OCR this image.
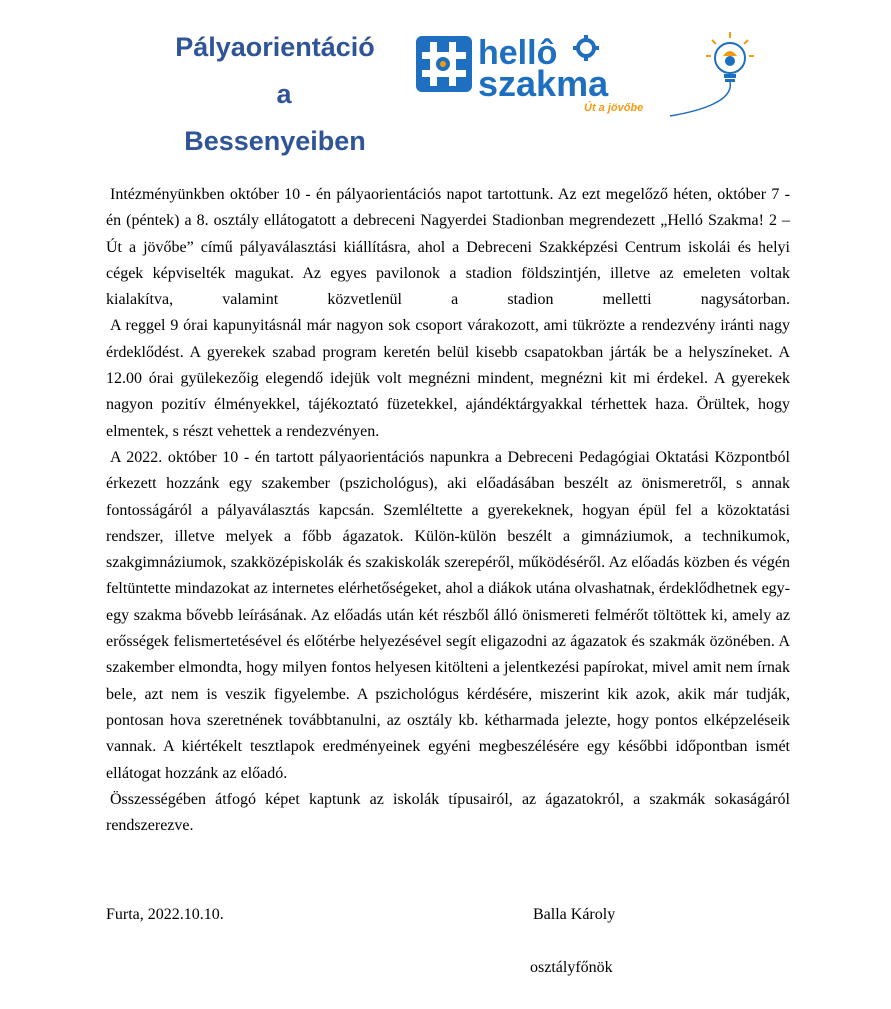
Pályaorientáció
a
Bessenyeiben
hellô
szakma
Út a jövőbe

Intézményünkben október 10 - én pályaorientációs napot tartottunk. Az ezt megelőző héten, október 7 - én (péntek) a 8. osztály ellátogatott a debreceni Nagyerdei Stadionban megrendezett „Helló Szakma! 2 – Út a jövőbe” című pályaválasztási kiállításra, ahol a Debreceni Szakképzési Centrum iskolái és helyi cégek képviselték magukat. Az egyes pavilonok a stadion földszintjén, illetve az emeleten voltak kialakítva, valamint közvetlenül a stadion melletti nagysátorban.

A reggel 9 órai kapunyitásnál már nagyon sok csoport várakozott, ami tükrözte a rendezvény iránti nagy érdeklődést. A gyerekek szabad program keretén belül kisebb csapatokban járták be a helyszíneket. A 12.00 órai gyülekezőig elegendő idejük volt megnézni mindent, megnézni kit mi érdekel. A gyerekek nagyon pozitív élményekkel, tájékoztató füzetekkel, ajándéktárgyakkal térhettek haza. Örültek, hogy elmentek, s részt vehettek a rendezvényen.

A 2022. október 10 - én tartott pályaorientációs napunkra a Debreceni Pedagógiai Oktatási Központból érkezett hozzánk egy szakember (pszichológus), aki előadásában beszélt az önismeretről, s annak fontosságáról a pályaválasztás kapcsán. Szemléltette a gyerekeknek, hogyan épül fel a közoktatási rendszer, illetve melyek a főbb ágazatok. Külön-külön beszélt a gimnáziumok, a technikumok, szakgimnáziumok, szakközépiskolák és szakiskolák szerepéről, működéséről. Az előadás közben és végén feltüntette mindazokat az internetes elérhetőségeket, ahol a diákok utána olvashatnak, érdeklődhetnek egy-egy szakma bővebb leírásának. Az előadás után két részből álló önismereti felmérőt töltöttek ki, amely az erősségek felismertetésével és előtérbe helyezésével segít eligazodni az ágazatok és szakmák özönében. A szakember elmondta, hogy milyen fontos helyesen kitölteni a jelentkezési papírokat, mivel amit nem írnak bele, azt nem is veszik figyelembe. A pszichológus kérdésére, miszerint kik azok, akik már tudják, pontosan hova szeretnének továbbtanulni, az osztály kb. kétharmada jelezte, hogy pontos elképzeléseik vannak. A kiértékelt tesztlapok eredményeinek egyéni megbeszélésére egy későbbi időpontban ismét ellátogat hozzánk az előadó.

Összességében átfogó képet kaptunk az iskolák típusairól, az ágazatokról, a szakmák sokaságáról rendszerezve.

Furta, 2022.10.10.	Balla Károly
osztályfőnök
